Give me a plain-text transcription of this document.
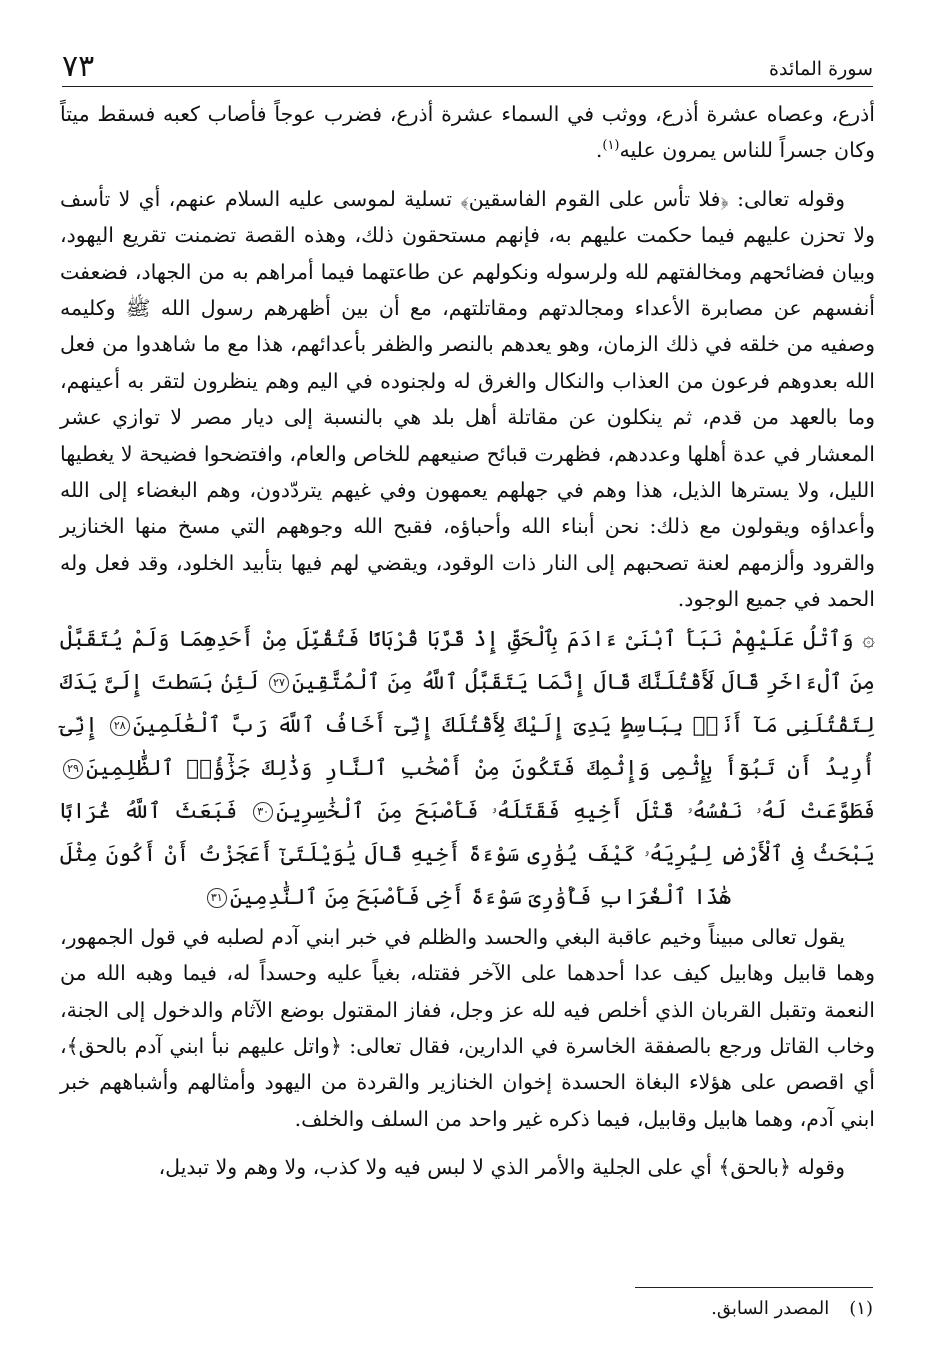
سورة المائدة
٧٣

أذرع، وعصاه عشرة أذرع، ووثب في السماء عشرة أذرع، فضرب عوجاً فأصاب كعبه فسقط ميتاً وكان جسراً للناس يمرون عليه$^{(١)}$.

وقوله تعالى: ﴿فلا تأس على القوم الفاسقين﴾ تسلية لموسى عليه السلام عنهم، أي لا تأسف ولا تحزن عليهم فيما حكمت عليهم به، فإنهم مستحقون ذلك، وهذه القصة تضمنت تقريع اليهود، وبيان فضائحهم ومخالفتهم لله ولرسوله ونكولهم عن طاعتهما فيما أمراهم به من الجهاد، فضعفت أنفسهم عن مصابرة الأعداء ومجالدتهم ومقاتلتهم، مع أن بين أظهرهم رسول الله ﷺ وكليمه وصفيه من خلقه في ذلك الزمان، وهو يعدهم بالنصر والظفر بأعدائهم، هذا مع ما شاهدوا من فعل الله بعدوهم فرعون من العذاب والنكال والغرق له ولجنوده في اليم وهم ينظرون لتقر به أعينهم، وما بالعهد من قدم، ثم ينكلون عن مقاتلة أهل بلد هي بالنسبة إلى ديار مصر لا توازي عشر المعشار في عدة أهلها وعددهم، فظهرت قبائح صنيعهم للخاص والعام، وافتضحوا فضيحة لا يغطيها الليل، ولا يسترها الذيل، هذا وهم في جهلهم يعمهون وفي غيهم يتردّدون، وهم البغضاء إلى الله وأعداؤه ويقولون مع ذلك: نحن أبناء الله وأحباؤه، فقبح الله وجوههم التي مسخ منها الخنازير والقرود وألزمهم لعنة تصحبهم إلى النار ذات الوقود، ويقضي لهم فيها بتأبيد الخلود، وقد فعل وله الحمد في جميع الوجود.

۞ وَٱتْلُ عَلَيْهِمْ نَبَأَ ٱبْنَىْ ءَادَمَ بِٱلْحَقِّ إِذْ قَرَّبَا قُرْبَانًا فَتُقُبِّلَ مِنْ أَحَدِهِمَا وَلَمْ يُتَقَبَّلْ مِنَ ٱلْءَاخَرِ قَالَ لَأَقْتُلَنَّكَ قَالَ إِنَّمَا يَتَقَبَّلُ ٱللَّهُ مِنَ ٱلْمُتَّقِينَ٢٧ لَئِنۢ بَسَطتَ إِلَىَّ يَدَكَ لِتَقْتُلَنِى مَآ أَنَا۠ بِبَاسِطٍ يَدِىَ إِلَيْكَ لِأَقْتُلَكَ إِنِّىٓ أَخَافُ ٱللَّهَ رَبَّ ٱلْعَٰلَمِينَ٢٨ إِنِّىٓ أُرِيدُ أَن تَبُوٓأَ بِإِثْمِى وَإِثْمِكَ فَتَكُونَ مِنْ أَصْحَٰبِ ٱلنَّارِ وَذَٰلِكَ جَزَٰٓؤُا۟ ٱلظَّٰلِمِينَ٢٩ فَطَوَّعَتْ لَهُۥ نَفْسُهُۥ قَتْلَ أَخِيهِ فَقَتَلَهُۥ فَأَصْبَحَ مِنَ ٱلْخَٰسِرِينَ٣٠ فَبَعَثَ ٱللَّهُ غُرَابًا يَبْحَثُ فِى ٱلْأَرْضِ لِيُرِيَهُۥ كَيْفَ يُوَٰرِى سَوْءَةَ أَخِيهِ قَالَ يَٰوَيْلَتَىٰٓ أَعَجَزْتُ أَنْ أَكُونَ مِثْلَ هَٰذَا ٱلْغُرَابِ فَأُوَٰرِىَ سَوْءَةَ أَخِى فَأَصْبَحَ مِنَ ٱلنَّٰدِمِينَ٣١

يقول تعالى مبيناً وخيم عاقبة البغي والحسد والظلم في خبر ابني آدم لصلبه في قول الجمهور، وهما قابيل وهابيل كيف عدا أحدهما على الآخر فقتله، بغياً عليه وحسداً له، فيما وهبه الله من النعمة وتقبل القربان الذي أخلص فيه لله عز وجل، ففاز المقتول بوضع الآثام والدخول إلى الجنة، وخاب القاتل ورجع بالصفقة الخاسرة في الدارين، فقال تعالى: ﴿واتل عليهم نبأ ابني آدم بالحق﴾، أي اقصص على هؤلاء البغاة الحسدة إخوان الخنازير والقردة من اليهود وأمثالهم وأشباههم خبر ابني آدم، وهما هابيل وقابيل، فيما ذكره غير واحد من السلف والخلف.

وقوله ﴿بالحق﴾ أي على الجلية والأمر الذي لا لبس فيه ولا كذب، ولا وهم ولا تبديل،

(١)المصدر السابق.
